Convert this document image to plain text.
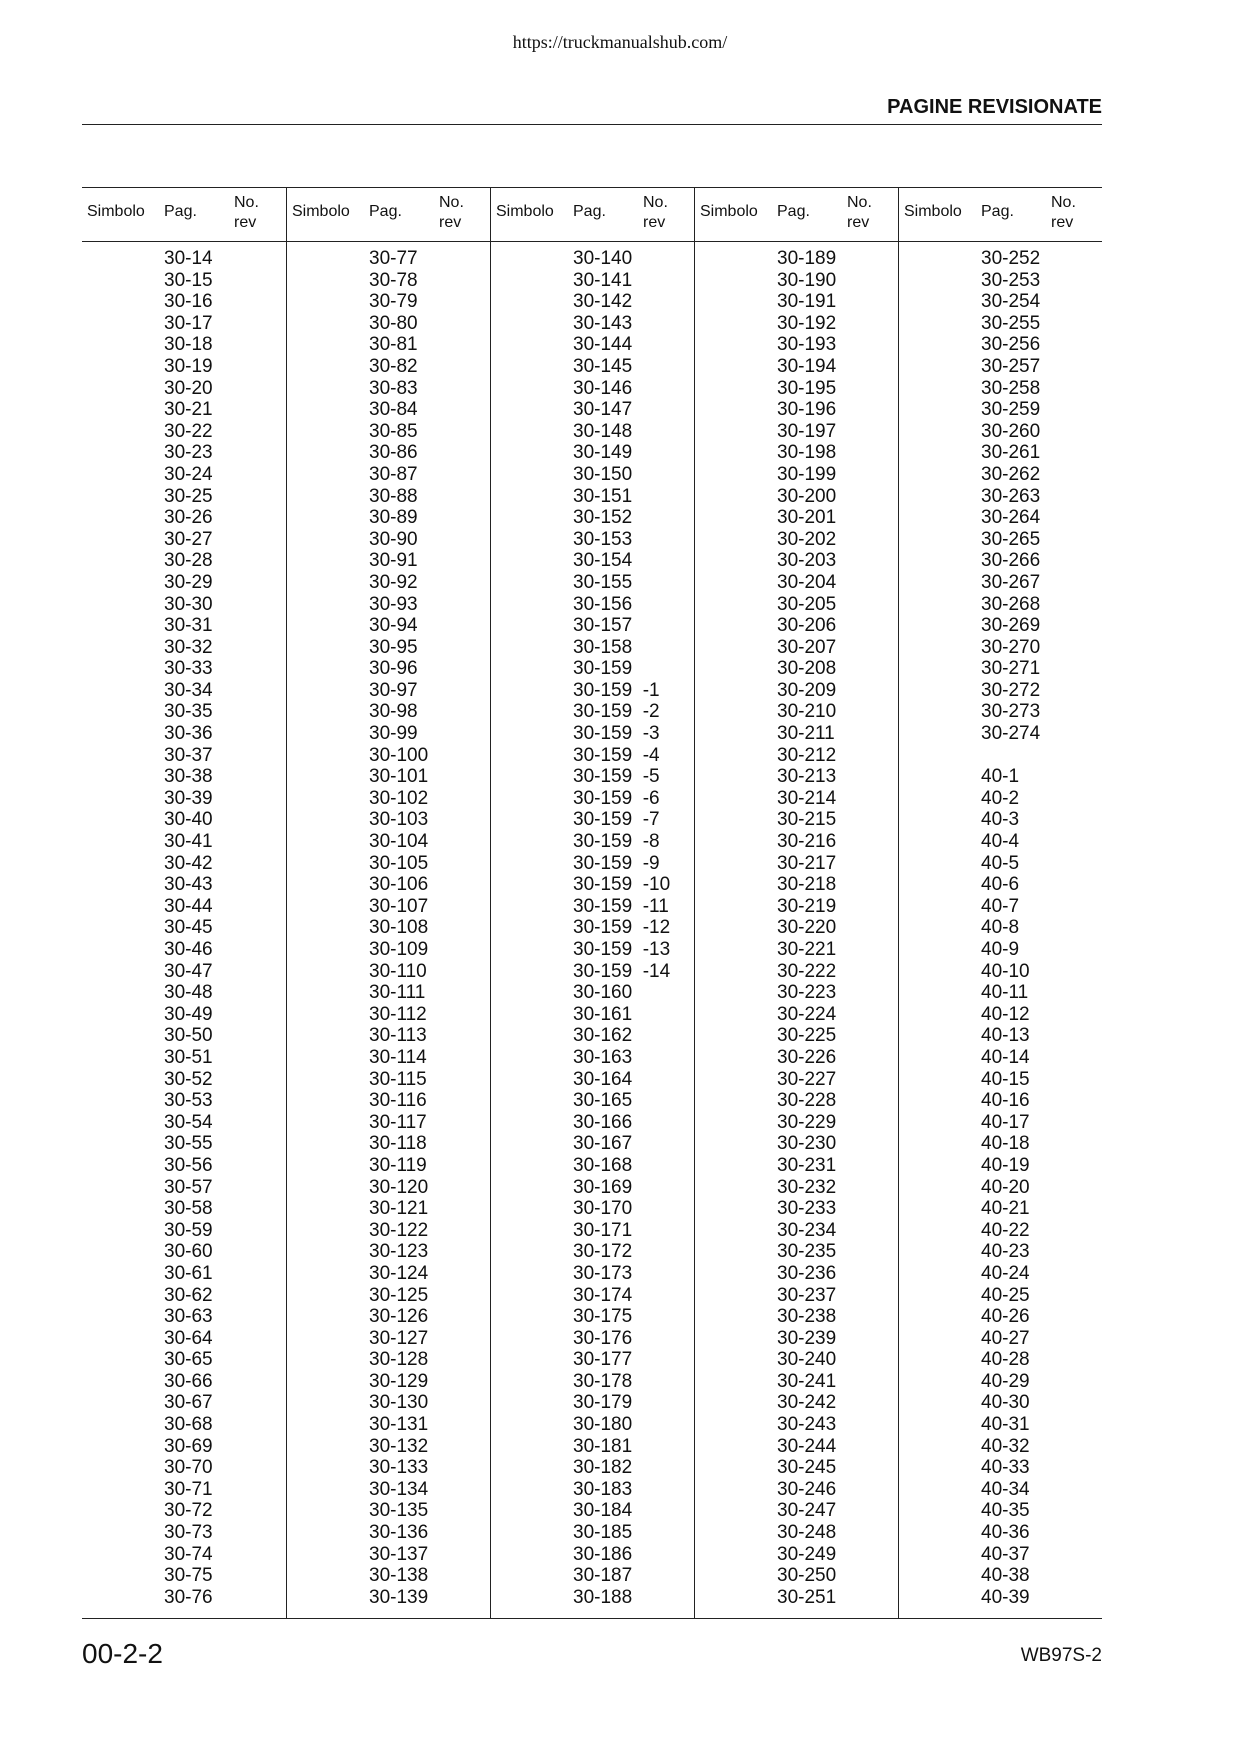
https://truckmanualshub.com/
PAGINE REVISIONATE
Simbolo Pag.
No.
rev
30-14
30-15
30-16
30-17
30-18
30-19
30-20
30-21
30-22
30-23
30-24
30-25
30-26
30-27
30-28
30-29
30-30
30-31
30-32
30-33
30-34
30-35
30-36
30-37
30-38
30-39
30-40
30-41
30-42
30-43
30-44
30-45
30-46
30-47
30-48
30-49
30-50
30-51
30-52
30-53
30-54
30-55
30-56
30-57
30-58
30-59
30-60
30-61
30-62
30-63
30-64
30-65
30-66
30-67
30-68
30-69
30-70
30-71
30-72
30-73
30-74
30-75
30-76
Simbolo Pag.
No.
rev
30-77
30-78
30-79
30-80
30-81
30-82
30-83
30-84
30-85
30-86
30-87
30-88
30-89
30-90
30-91
30-92
30-93
30-94
30-95
30-96
30-97
30-98
30-99
30-100
30-101
30-102
30-103
30-104
30-105
30-106
30-107
30-108
30-109
30-110
30-111
30-112
30-113
30-114
30-115
30-116
30-117
30-118
30-119
30-120
30-121
30-122
30-123
30-124
30-125
30-126
30-127
30-128
30-129
30-130
30-131
30-132
30-133
30-134
30-135
30-136
30-137
30-138
30-139
Simbolo Pag.
No.
rev
30-140
30-141
30-142
30-143
30-144
30-145
30-146
30-147
30-148
30-149
30-150
30-151
30-152
30-153
30-154
30-155
30-156
30-157
30-158
30-159
30-159  -1
30-159  -2
30-159  -3
30-159  -4
30-159  -5
30-159  -6
30-159  -7
30-159  -8
30-159  -9
30-159  -10
30-159  -11
30-159  -12
30-159  -13
30-159  -14
30-160
30-161
30-162
30-163
30-164
30-165
30-166
30-167
30-168
30-169
30-170
30-171
30-172
30-173
30-174
30-175
30-176
30-177
30-178
30-179
30-180
30-181
30-182
30-183
30-184
30-185
30-186
30-187
30-188
Simbolo Pag.
No.
rev
30-189
30-190
30-191
30-192
30-193
30-194
30-195
30-196
30-197
30-198
30-199
30-200
30-201
30-202
30-203
30-204
30-205
30-206
30-207
30-208
30-209
30-210
30-211
30-212
30-213
30-214
30-215
30-216
30-217
30-218
30-219
30-220
30-221
30-222
30-223
30-224
30-225
30-226
30-227
30-228
30-229
30-230
30-231
30-232
30-233
30-234
30-235
30-236
30-237
30-238
30-239
30-240
30-241
30-242
30-243
30-244
30-245
30-246
30-247
30-248
30-249
30-250
30-251
Simbolo Pag.
No.
rev
30-252
30-253
30-254
30-255
30-256
30-257
30-258
30-259
30-260
30-261
30-262
30-263
30-264
30-265
30-266
30-267
30-268
30-269
30-270
30-271
30-272
30-273
30-274
40-1
40-2
40-3
40-4
40-5
40-6
40-7
40-8
40-9
40-10
40-11
40-12
40-13
40-14
40-15
40-16
40-17
40-18
40-19
40-20
40-21
40-22
40-23
40-24
40-25
40-26
40-27
40-28
40-29
40-30
40-31
40-32
40-33
40-34
40-35
40-36
40-37
40-38
40-39
00-2-2	WB97S-2
